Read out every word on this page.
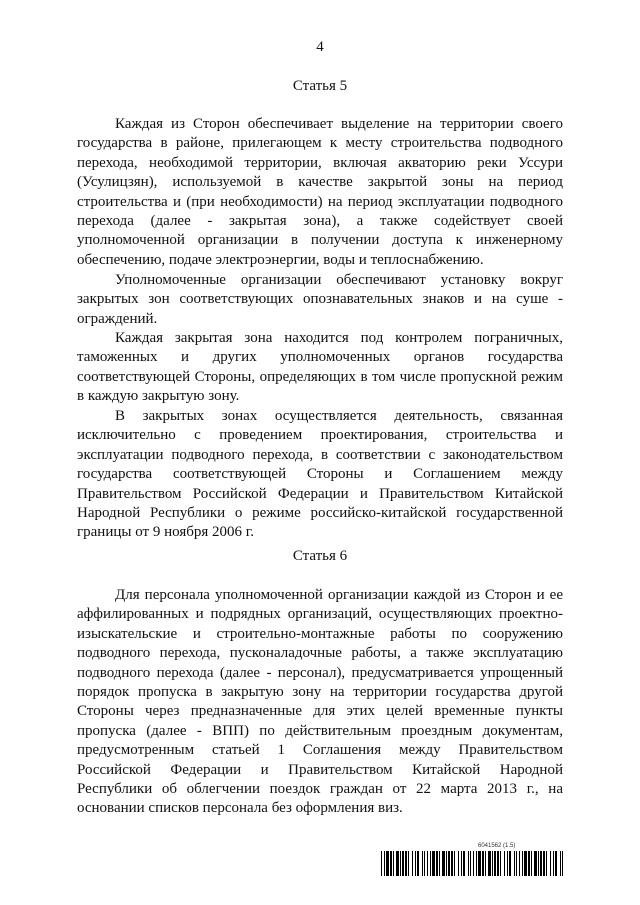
4
Статья 5

Каждая из Сторон обеспечивает выделение на территории своего государства в районе, прилегающем к месту строительства подводного перехода, необходимой территории, включая акваторию реки Уссури (Усулицзян), используемой в качестве закрытой зоны на период строительства и (при необходимости) на период эксплуатации подводного перехода (далее - закрытая зона), а также содействует своей уполномоченной организации в получении доступа к инженерному обеспечению, подаче электроэнергии, воды и теплоснабжению.

Уполномоченные организации обеспечивают установку вокруг закрытых зон соответствующих опознавательных знаков и на суше - ограждений.

Каждая закрытая зона находится под контролем пограничных, таможенных и других уполномоченных органов государства соответствующей Стороны, определяющих в том числе пропускной режим в каждую закрытую зону.

В закрытых зонах осуществляется деятельность, связанная исключительно с проведением проектирования, строительства и эксплуатации подводного перехода, в соответствии с законодательством государства соответствующей Стороны и Соглашением между Правительством Российской Федерации и Правительством Китайской Народной Республики о режиме российско-китайской государственной границы от 9 ноября 2006 г.

Статья 6

Для персонала уполномоченной организации каждой из Сторон и ее аффилированных и подрядных организаций, осуществляющих проектно-изыскательские и строительно-монтажные работы по сооружению подводного перехода, пусконаладочные работы, а также эксплуатацию подводного перехода (далее - персонал), предусматривается упрощенный порядок пропуска в закрытую зону на территории государства другой Стороны через предназначенные для этих целей временные пункты пропуска (далее - ВПП) по действительным проездным документам, предусмотренным статьей 1 Соглашения между Правительством Российской Федерации и Правительством Китайской Народной Республики об облегчении поездок граждан от 22 марта 2013 г., на основании списков персонала без оформления виз.

6041562 (1.5)
